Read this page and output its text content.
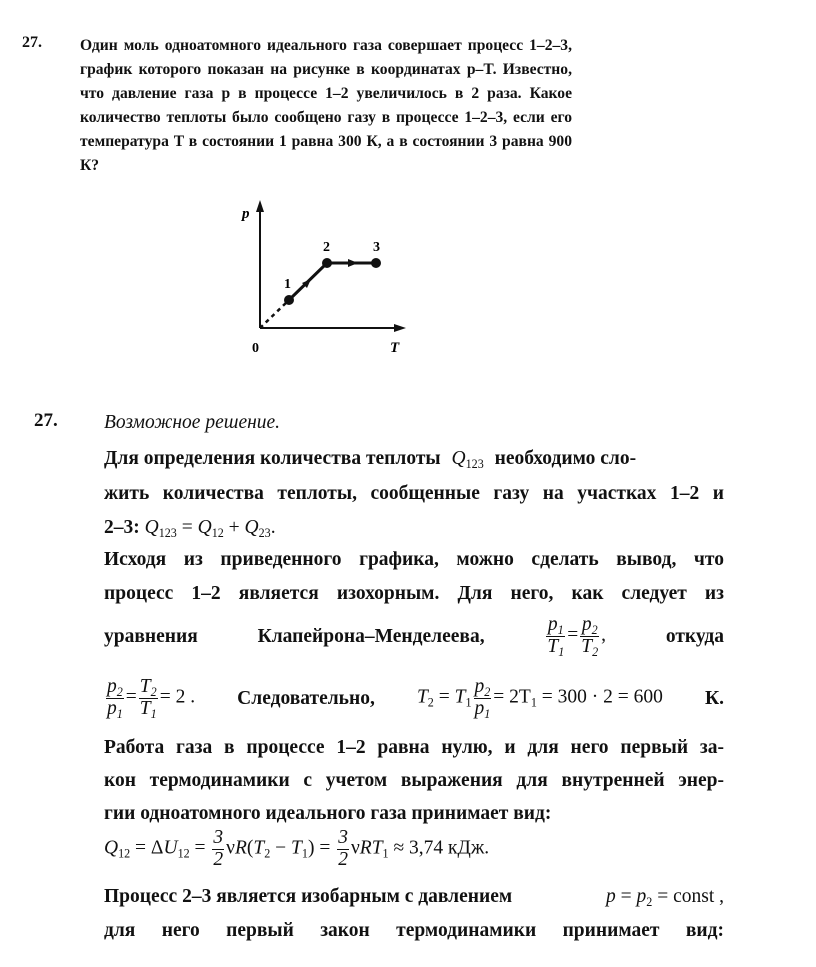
27. Один моль одноатомного идеального газа совершает процесс 1–2–3, график которого показан на рисунке в координатах p–T. Известно, что давление газа p в процессе 1–2 увеличилось в 2 раза. Какое количество теплоты было сообщено газу в процессе 1–2–3, если его температура T в состоянии 1 равна 300 К, а в состоянии 3 равна 900 К?
p
T
0
1
2	3
27. Возможное решение.
Для определения количества теплоты $Q_{123}$ необходимо сло-
жить количества теплоты, сообщенные газу на участках 1–2 и
2–3: $Q_{123} = Q_{12} + Q_{23}$.
Исходя из приведенного графика, можно сделать вывод, что
процесс 1–2 является изохорным. Для него, как следует из
уравнения	Клапейрона–Менделеева,	$\frac{p_1}{T_1} = \frac{p_2}{T_2}$ ,	откуда
$\frac{p_2}{p_1} = \frac{T_2}{T_1} = 2$ . Следовательно, $T_2 = T_1 \frac{p_2}{p_1} = 2T_1 = 300 \cdot 2 = 600$ К.
Работа газа в процессе 1–2 равна нулю, и для него первый за-
кон термодинамики с учетом выражения для внутренней энер-
гии одноатомного идеального газа принимает вид:
$Q_{12} = \Delta U_{12} = \frac{3}{2} \nu R(T_2 - T_1) = \frac{3}{2} \nu RT_1 \approx 3,74$ кДж.
Процесс 2–3 является изобарным с давлением	$p = p_2$ = const ,
для него первый закон термодинамики принимает вид:
